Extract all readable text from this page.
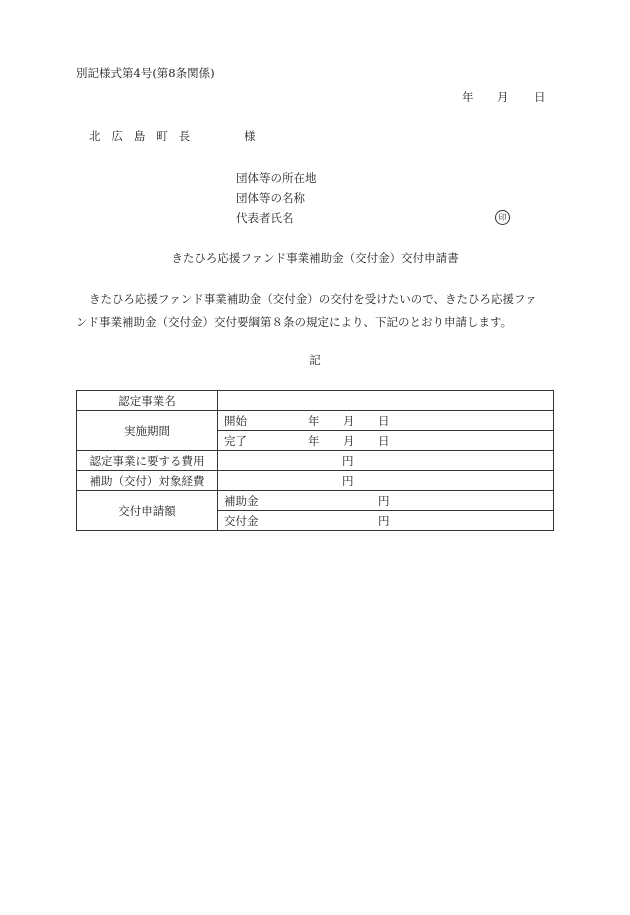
別記様式第4号(第8条関係)
年 月 日
北広島町長	様
団体等の所在地
団体等の名称
代表者氏名	印
きたひろ応援ファンド事業補助金（交付金）交付申請書
きたひろ応援ファンド事業補助金（交付金）の交付を受けたいので、きたひろ応援ファ
ンド事業補助金（交付金）交付要綱第８条の規定により、下記のとおり申請します。
記
認定事業名	
実施期間	開始 年 月 日

	完了 年 月 日

認定事業に要する費用	円

補助（交付）対象経費	円

交付申請額	補助金 円

	交付金 円
